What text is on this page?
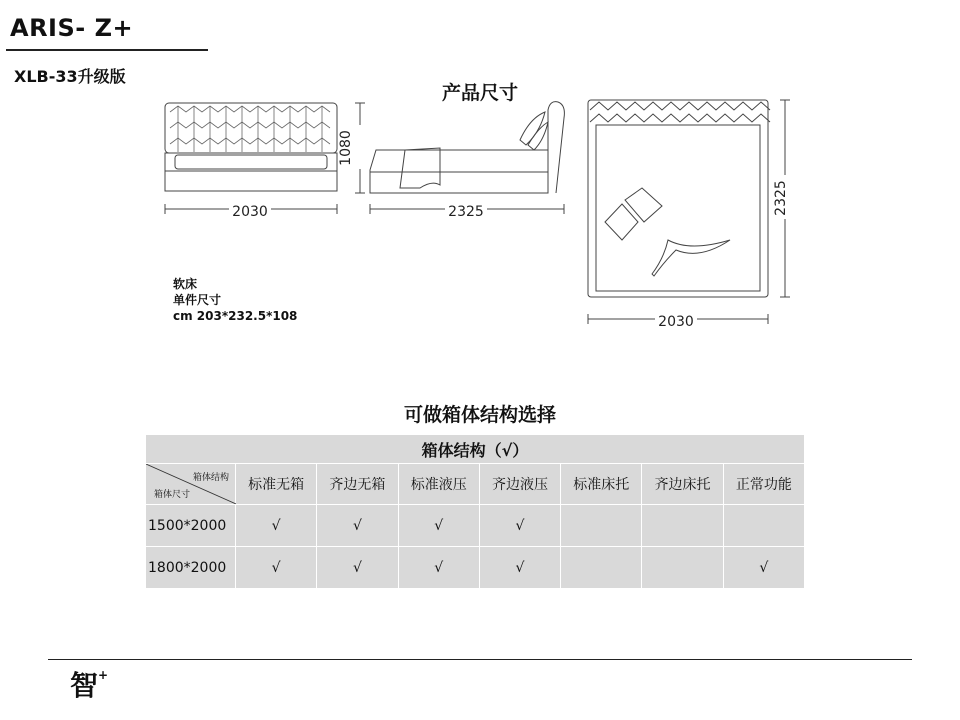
ARIS- Z+
XLB-33升级版
产品尺寸
2030
1080
2325	2325
2030
软床
单件尺寸
cm 203*232.5*108
可做箱体结构选择
箱体结构（√）							

箱体结构
箱体尺寸	标准无箱	齐边无箱	标准液压	齐边液压	标准床托	齐边床托	正常功能
1500*2000	√	√	√	√			
1800*2000	√	√	√	√			√
智+
